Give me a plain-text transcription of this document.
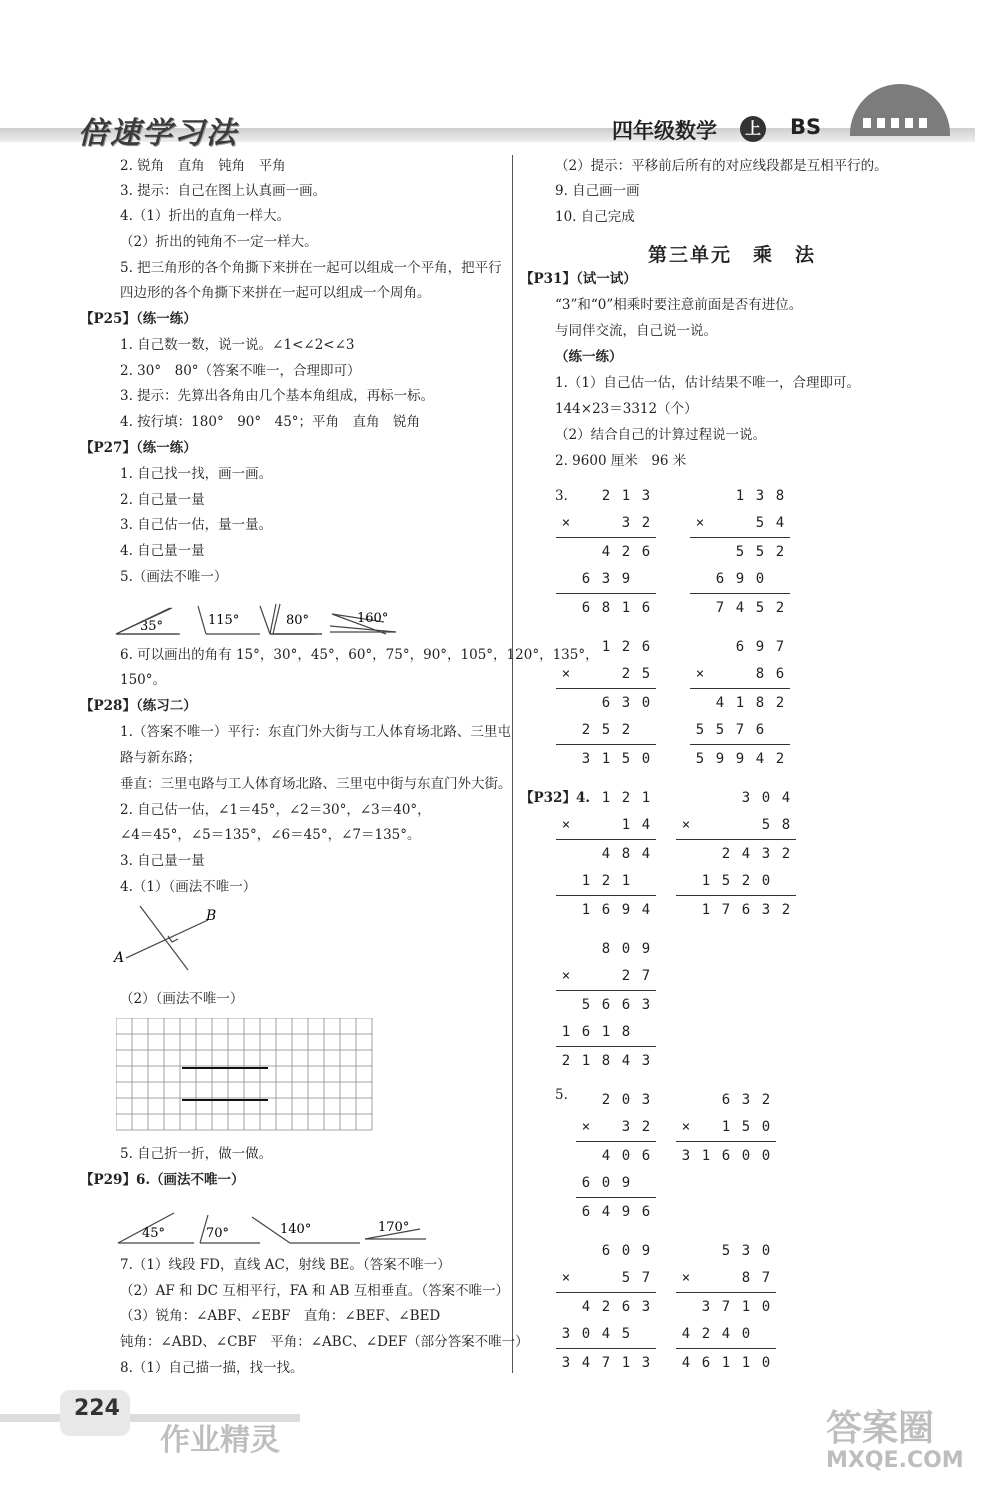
倍速学习法	四年级数学	上 BS
2. 锐角　直角　钝角　平角
3. 提示：自己在图上认真画一画。
4.（1）折出的直角一样大。
（2）折出的钝角不一定一样大。
5. 把三角形的各个角撕下来拼在一起可以组成一个平角，把平行
四边形的各个角撕下来拼在一起可以组成一个周角。
【P25】（练一练）
1. 自己数一数，说一说。∠1<∠2<∠3
2. 30°　80°（答案不唯一，合理即可）
3. 提示：先算出各角由几个基本角组成，再标一标。
4. 按行填：180°　90°　45°；平角　直角　锐角
【P27】（练一练）
1. 自己找一找，画一画。
2. 自己量一量
3. 自己估一估，量一量。
4. 自己量一量
5.（画法不唯一）
6. 可以画出的角有 15°，30°，45°，60°，75°，90°，105°，120°，135°，
150°。
【P28】（练习二）
1.（答案不唯一）平行：东直门外大街与工人体育场北路、三里屯
路与新东路；
垂直：三里屯路与工人体育场北路、三里屯中街与东直门外大街。
2. 自己估一估，∠1＝45°，∠2＝30°，∠3＝40°，
∠4＝45°，∠5＝135°，∠6＝45°，∠7＝135°。
3. 自己量一量
4.（1）（画法不唯一）
（2）（画法不唯一）
5. 自己折一折，做一做。
【P29】6.（画法不唯一）
7.（1）线段 FD，直线 AC，射线 BE。（答案不唯一）
（2）AF 和 DC 互相平行，FA 和 AB 互相垂直。（答案不唯一）
（3）锐角：∠ABF、∠EBF　直角：∠BEF、∠BED
钝角：∠ABD、∠CBF　平角：∠ABC、∠DEF（部分答案不唯一）
8.（1）自己描一描，找一找。
（2）提示：平移前后所有的对应线段都是互相平行的。
9. 自己画一画
10. 自己完成
【P31】（试一试）
“3”和“0”相乘时要注意前面是否有进位。
与同伴交流，自己说一说。
（练一练）
1.（1）自己估一估，估计结果不唯一，合理即可。
144×23＝3312（个）
（2）结合自己的计算过程说一说。
2. 9600 厘米　96 米
3.
【P32】4.
5.
第三单元　乘　法
35°	115°	80°	160°
A
B
45°	70°	140°	170°
		2	1	3
×			3	2
		4	2	6
	6	3	9	
	6	8	1	6
		1	3	8
×			5	4
		5	5	2
	6	9	0	
	7	4	5	2
		1	2	6
×			2	5
		6	3	0
	2	5	2	
	3	1	5	0
		6	9	7
×			8	6
	4	1	8	2
5	5	7	6	
5	9	9	4	2
		1	2	1
×			1	4
		4	8	4
	1	2	1	
	1	6	9	4
			3	0	4
×				5	8
		2	4	3	2
	1	5	2	0	
	1	7	6	3	2
		8	0	9
×			2	7
	5	6	6	3
1	6	1	8	
2	1	8	4	3
	2	0	3
×		3	2
	4	0	6
6	0	9	
6	4	9	6
		6	3	2
×		1	5	0
3	1	6	0	0
		6	0	9
×			5	7
	4	2	6	3
3	0	4	5	
3	4	7	1	3
		5	3	0
×			8	7
	3	7	1	0
4	2	4	0	
4	6	1	1	0
224
作业精灵	答案圈
MXQE.COM
